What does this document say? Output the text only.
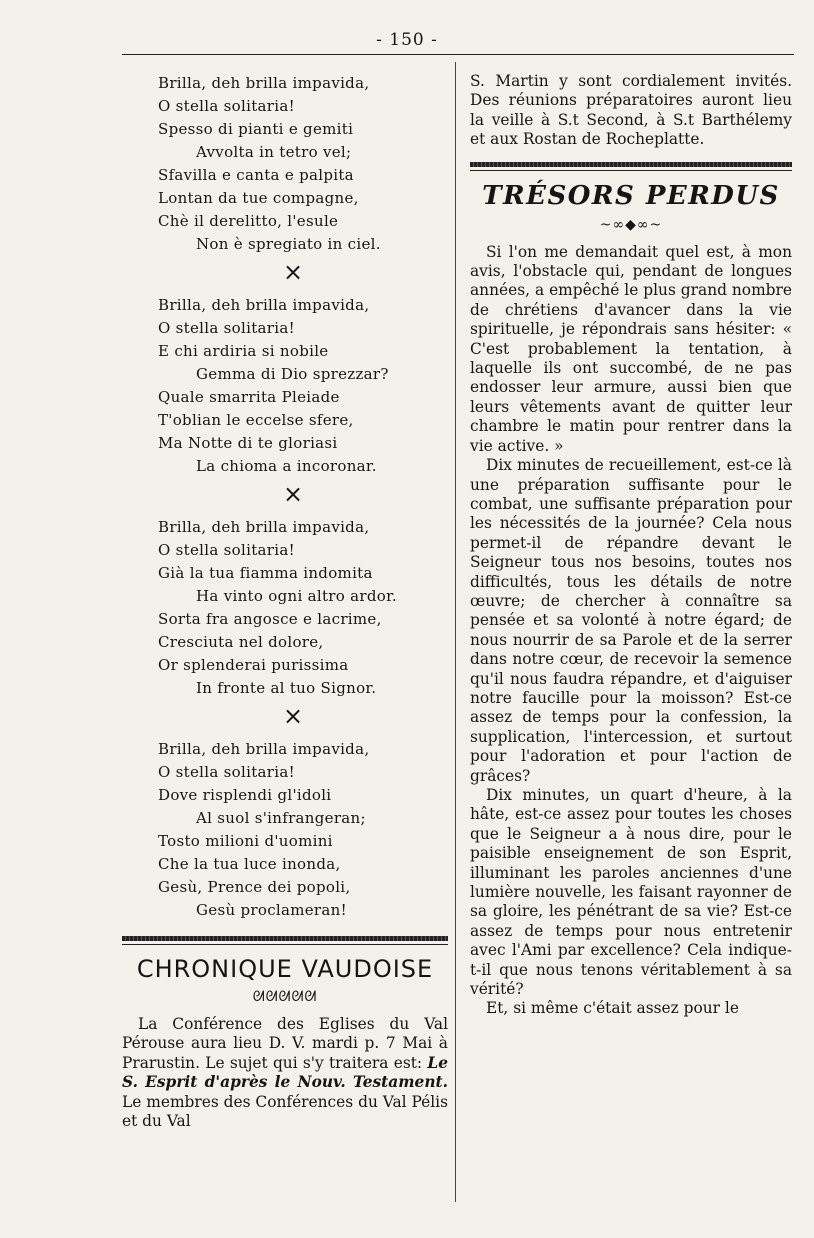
- 150 -
Brilla, deh brilla impavida,
O stella solitaria!
Spesso di pianti e gemiti
Avvolta in tetro vel;
Sfavilla e canta e palpita
Lontan da tue compagne,
Chè il derelitto, l'esule
Non è spregiato in ciel.
×
Brilla, deh brilla impavida,
O stella solitaria!
E chi ardiria si nobile
Gemma di Dio sprezzar?
Quale smarrita Pleiade
T'oblian le eccelse sfere,
Ma Notte di te gloriasi
La chioma a incoronar.
×
Brilla, deh brilla impavida,
O stella solitaria!
Già la tua fiamma indomita
Ha vinto ogni altro ardor.
Sorta fra angosce e lacrime,
Cresciuta nel dolore,
Or splenderai purissima
In fronte al tuo Signor.
×
Brilla, deh brilla impavida,
O stella solitaria!
Dove risplendi gl'idoli
Al suol s'infrangeran;
Tosto milioni d'uomini
Che la tua luce inonda,
Gesù, Prence dei popoli,
Gesù proclameran!
CHRONIQUE VAUDOISE
ᘛᘛᘛᘛᘛ

La Conférence des Eglises du Val Pérouse aura lieu D. V. mardi p. 7 Mai à Prarustin. Le sujet qui s'y traitera est: Le S. Esprit d'après le Nouv. Testament. Le membres des Conférences du Val Pélis et du Val

S. Martin y sont cordialement invités. Des réunions préparatoires auront lieu la veille à S.t Second, à S.t Barthélemy et aux Rostan de Rocheplatte.

TRÉSORS PERDUS
~∞◆∞~

Si l'on me demandait quel est, à mon avis, l'obstacle qui, pendant de longues années, a empêché le plus grand nombre de chrétiens d'avancer dans la vie spirituelle, je répondrais sans hésiter: « C'est probablement la tentation, à laquelle ils ont succombé, de ne pas endosser leur armure, aussi bien que leurs vêtements avant de quitter leur chambre le matin pour rentrer dans la vie active. »

Dix minutes de recueillement, est-ce là une préparation suffisante pour le combat, une suffisante préparation pour les nécessités de la journée? Cela nous permet-il de répandre devant le Seigneur tous nos besoins, toutes nos difficultés, tous les détails de notre œuvre; de chercher à connaître sa pensée et sa volonté à notre égard; de nous nourrir de sa Parole et de la serrer dans notre cœur, de recevoir la semence qu'il nous faudra répandre, et d'aiguiser notre faucille pour la moisson? Est-ce assez de temps pour la confession, la supplication, l'intercession, et surtout pour l'adoration et pour l'action de grâces?

Dix minutes, un quart d'heure, à la hâte, est-ce assez pour toutes les choses que le Seigneur a à nous dire, pour le paisible enseignement de son Esprit, illuminant les paroles anciennes d'une lumière nouvelle, les faisant rayonner de sa gloire, les pénétrant de sa vie? Est-ce assez de temps pour nous entretenir avec l'Ami par excellence? Cela indique-t-il que nous tenons véritablement à sa vérité?

Et, si même c'était assez pour le
